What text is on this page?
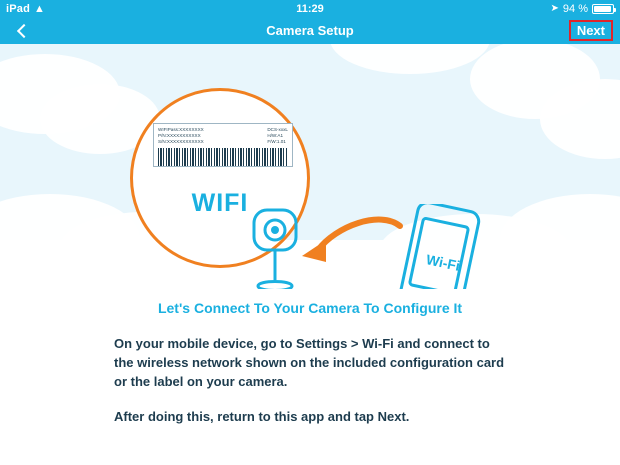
iPad ▲	11:29	➤ 94 %
Camera Setup	Next
WIFIPass:XXXXXXXX
P/N:XXXXXXXXXXX
S/N:XXXXXXXXXXXX
DCS-xxxL
H/W:A1
F/W:1.01
WIFI
Wi-Fi

Let's Connect To Your Camera To Configure It

On your mobile device, go to Settings > Wi-Fi and connect to the wireless network shown on the included configuration card or the label on your camera.

After doing this, return to this app and tap Next.
